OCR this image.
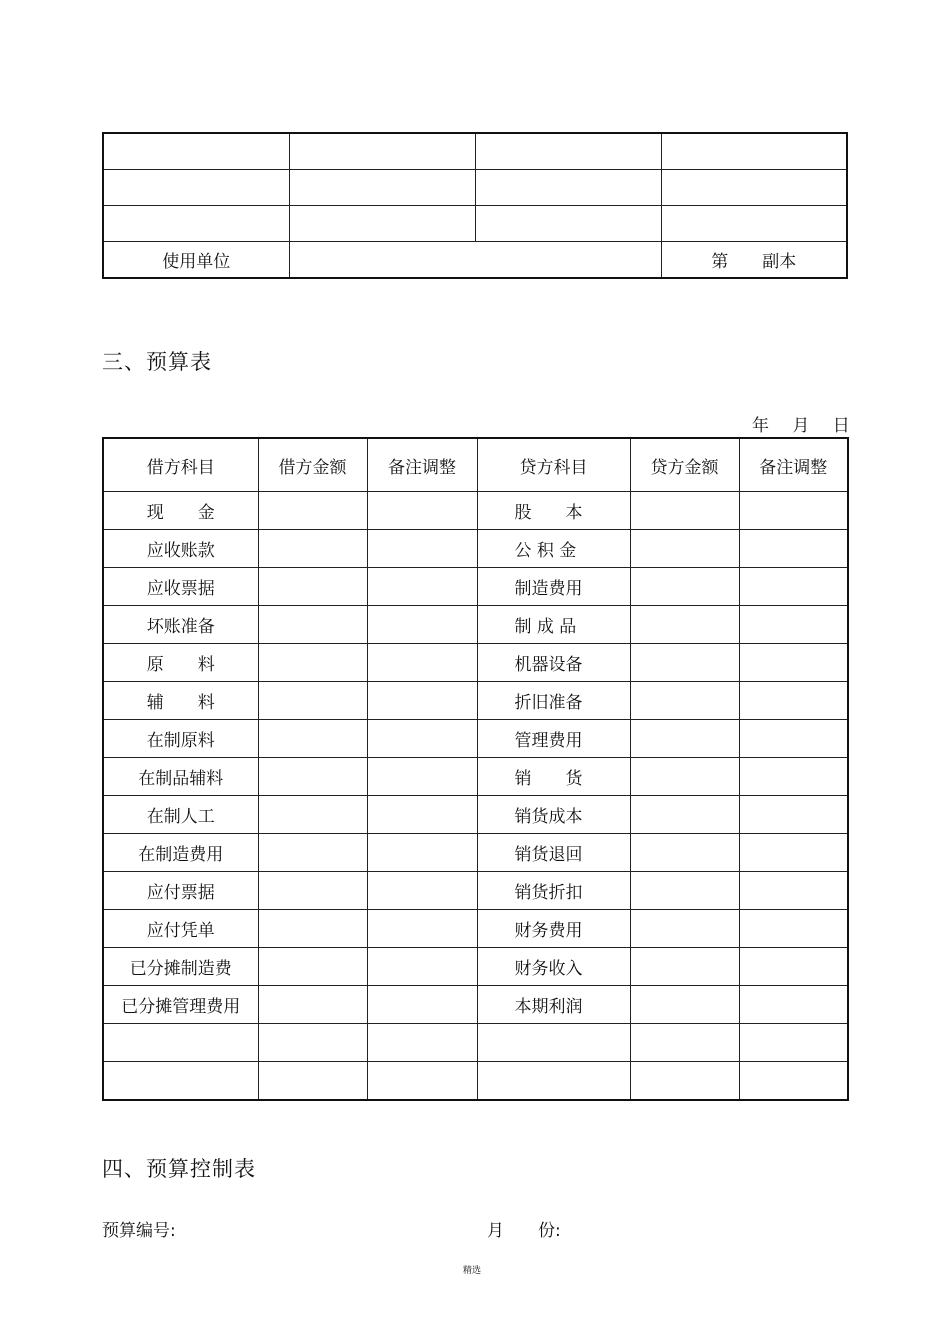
使用单位			第　　副本
三、预算表
年 月 日
借方科目	借方金额	备注调整	贷方科目	贷方金额	备注调整
现　　金			股　　本		
应收账款			公 积 金		
应收票据			制造费用		
坏账准备			制 成 品		
原　　料			机器设备		
辅　　料			折旧准备		
在制原料			管理费用		
在制品辅料			销　　货		
在制人工			销货成本		
在制造费用			销货退回		
应付票据			销货折扣		
应付凭单			财务费用		
已分摊制造费			财务收入		
已分摊管理费用			本期利润		

四、预算控制表
预算编号:	月　　份:
精选
